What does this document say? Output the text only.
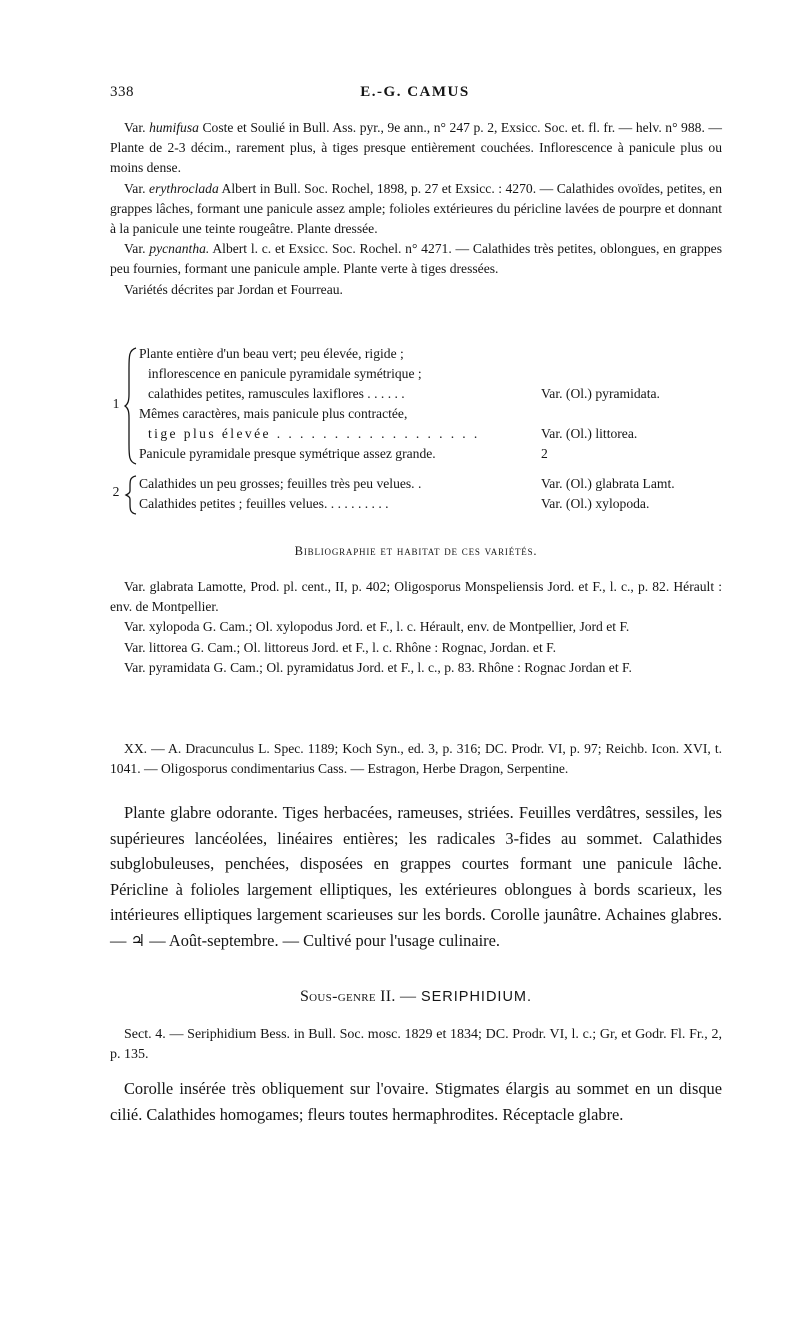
338	E.-G. CAMUS

Var. humifusa Coste et Soulié in Bull. Ass. pyr., 9e ann., n° 247 p. 2, Exsicc. Soc. et. fl. fr. — helv. n° 988. — Plante de 2-3 décim., rarement plus, à tiges presque entièrement couchées. Inflorescence à panicule plus ou moins dense.

Var. erythroclada Albert in Bull. Soc. Rochel, 1898, p. 27 et Exsicc. : 4270. — Calathides ovoïdes, petites, en grappes lâches, formant une panicule assez ample; folioles extérieures du péricline lavées de pourpre et donnant à la panicule une teinte rougeâtre. Plante dressée.

Var. pycnantha. Albert l. c. et Exsicc. Soc. Rochel. n° 4271. — Calathides très petites, oblongues, en grappes peu fournies, formant une panicule ample. Plante verte à tiges dressées.

Variétés décrites par Jordan et Fourreau.

1
Plante entière d'un beau vert; peu élevée, rigide ;
inflorescence en panicule pyramidale symétrique ;
calathides petites, ramuscules laxiflores . . . . . .	Var. (Ol.) pyramidata.
Mêmes caractères, mais panicule plus contractée,
tige plus élevée . . . . . . . . . . . . . . . . . .	Var. (Ol.) littorea.
Panicule pyramidale presque symétrique assez grande.	2
2
Calathides un peu grosses; feuilles très peu velues. .	Var. (Ol.) glabrata Lamt.
Calathides petites ; feuilles velues. . . . . . . . . .	Var. (Ol.) xylopoda.
Bibliographie et habitat de ces variétés.

Var. glabrata Lamotte, Prod. pl. cent., II, p. 402; Oligosporus Monspeliensis Jord. et F., l. c., p. 82. Hérault : env. de Montpellier.

Var. xylopoda G. Cam.; Ol. xylopodus Jord. et F., l. c. Hérault, env. de Montpellier, Jord et F.

Var. littorea G. Cam.; Ol. littoreus Jord. et F., l. c. Rhône : Rognac, Jordan. et F.

Var. pyramidata G. Cam.; Ol. pyramidatus Jord. et F., l. c., p. 83. Rhône : Rognac Jordan et F.

XX. — A. Dracunculus L. Spec. 1189; Koch Syn., ed. 3, p. 316; DC. Prodr. VI, p. 97; Reichb. Icon. XVI, t. 1041. — Oligosporus condimentarius Cass. — Estragon, Herbe Dragon, Serpentine.

Plante glabre odorante. Tiges herbacées, rameuses, striées. Feuilles verdâtres, sessiles, les supérieures lancéolées, linéaires entières; les radicales 3-fides au sommet. Calathides subglobuleuses, penchées, disposées en grappes courtes formant une panicule lâche. Péricline à folioles largement elliptiques, les extérieures oblongues à bords scarieux, les intérieures elliptiques largement scarieuses sur les bords. Corolle jaunâtre. Achaines glabres. — ♃ — Août-septembre. — Cultivé pour l'usage culinaire.

Sous-genre II. — SERIPHIDIUM.

Sect. 4. — Seriphidium Bess. in Bull. Soc. mosc. 1829 et 1834; DC. Prodr. VI, l. c.; Gr, et Godr. Fl. Fr., 2, p. 135.

Corolle insérée très obliquement sur l'ovaire. Stigmates élargis au sommet en un disque cilié. Calathides homogames; fleurs toutes hermaphrodites. Réceptacle glabre.
